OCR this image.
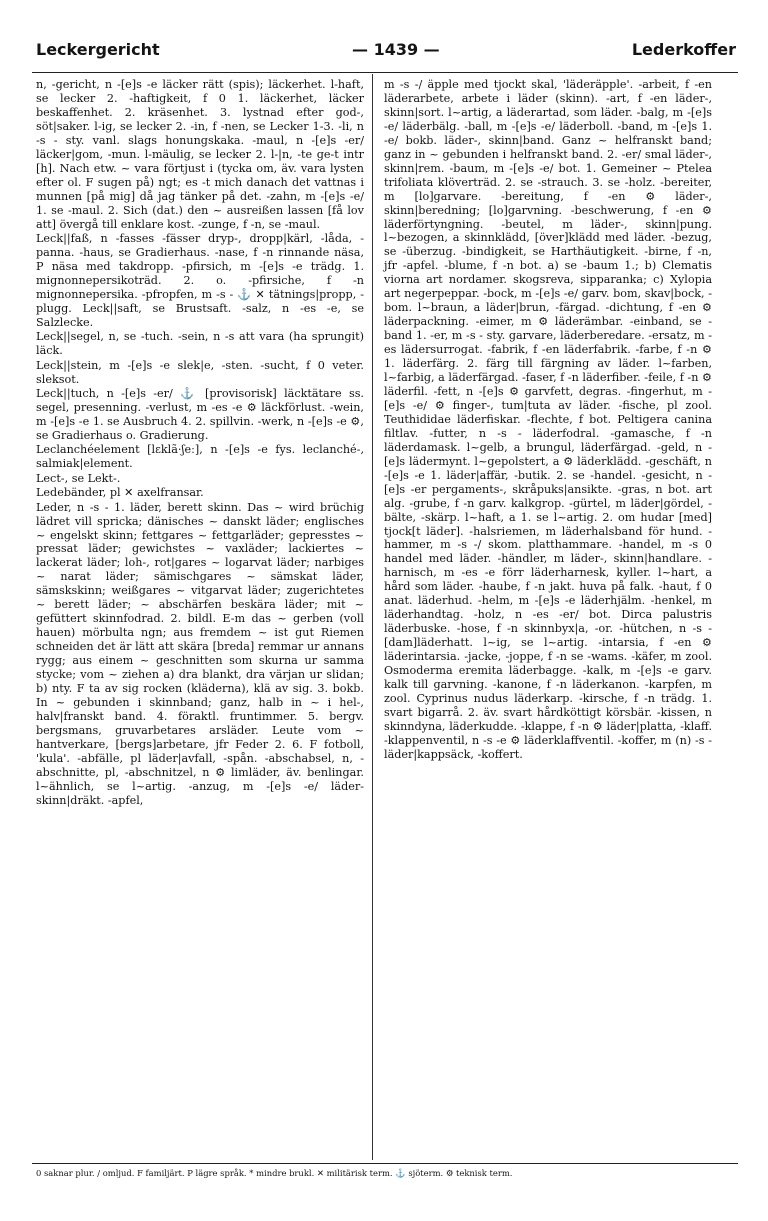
Leckergericht	— 1439 —	Lederkoffer

n, -gericht, n -[e]s -e läcker rätt (spis); läckerhet. l-haft, se lecker 2. -haftigkeit, f 0 1. läckerhet, läcker beskaffenhet. 2. kräsenhet. 3. lystnad efter god-, söt|saker. l-ig, se lecker 2. -in, f -nen, se Lecker 1-3. -li, n -s - sty. vanl. slags honungskaka. -maul, n -[e]s -er/ läcker|gom, -mun. l-mäulig, se lecker 2. l-|n, -te ge-t intr [h]. Nach etw. ~ vara förtjust i (tycka om, äv. vara lysten efter ol. F sugen på) ngt; es -t mich danach det vattnas i munnen [på mig] då jag tänker på det. -zahn, m -[e]s -e/ 1. se -maul. 2. Sich (dat.) den ~ ausreißen lassen [få lov att] övergå till enklare kost. -zunge, f -n, se -maul.

Leck||faß, n -fasses -fässer dryp-, dropp|kärl, -låda, -panna. -haus, se Gradierhaus. -nase, f -n rinnande näsa, P näsa med takdropp. -pfirsich, m -[e]s -e trädg. 1. mignonnepersikoträd. 2. o. -pfirsiche, f -n mignonnepersika. -pfropfen, m -s - ⚓ ✕ tätnings|propp, -plugg. Leck||saft, se Brustsaft. -salz, n -es -e, se Salzlecke.

Leck||segel, n, se -tuch. -sein, n -s att vara (ha sprungit) läck.

Leck||stein, m -[e]s -e slek|e, -sten. -sucht, f 0 veter. sleksot.

Leck||tuch, n -[e]s -er/ ⚓ [provisorisk] läcktätare ss. segel, presenning. -verlust, m -es -e ⚙ läckförlust. -wein, m -[e]s -e 1. se Ausbruch 4. 2. spillvin. -werk, n -[e]s -e ⚙, se Gradierhaus o. Gradierung.

Leclanchéelement [lɛklã·ʃeː], n -[e]s -e fys. leclanché-, salmiak|element.

Lect-, se Lekt-.

Ledebänder, pl ✕ axelfransar.

Leder, n -s - 1. läder, berett skinn. Das ~ wird brüchig lädret vill spricka; dänisches ~ danskt läder; englisches ~ engelskt skinn; fettgares ~ fettgarläder; gepresstes ~ pressat läder; gewichstes ~ vaxläder; lackiertes ~ lackerat läder; loh-, rot|gares ~ logarvat läder; narbiges ~ narat läder; sämischgares ~ sämskat läder, sämskskinn; weißgares ~ vitgarvat läder; zugerichtetes ~ berett läder; ~ abschärfen beskära läder; mit ~ gefüttert skinnfodrad. 2. bildl. E-m das ~ gerben (voll hauen) mörbulta ngn; aus fremdem ~ ist gut Riemen schneiden det är lätt att skära [breda] remmar ur annans rygg; aus einem ~ geschnitten som skurna ur samma stycke; vom ~ ziehen a) dra blankt, dra värjan ur slidan; b) nty. F ta av sig rocken (kläderna), klä av sig. 3. bokb. In ~ gebunden i skinnband; ganz, halb in ~ i hel-, halv|franskt band. 4. föraktl. fruntimmer. 5. bergv. bergsmans, gruvarbetares arsläder. Leute vom ~ hantverkare, [bergs]arbetare, jfr Feder 2. 6. F fotboll, 'kula'. -abfälle, pl läder|avfall, -spån. -abschabsel, n, -abschnitte, pl, -abschnitzel, n ⚙ limläder, äv. benlingar. l~ähnlich, se l~artig. -anzug, m -[e]s -e/ läder- skinn|dräkt. -apfel,

m -s -/ äpple med tjockt skal, 'läderäpple'. -arbeit, f -en läderarbete, arbete i läder (skinn). -art, f -en läder-, skinn|sort. l~artig, a läderartad, som läder. -balg, m -[e]s -e/ läderbälg. -ball, m -[e]s -e/ läderboll. -band, m -[e]s 1. -e/ bokb. läder-, skinn|band. Ganz ~ helfranskt band; ganz in ~ gebunden i helfranskt band. 2. -er/ smal läder-, skinn|rem. -baum, m -[e]s -e/ bot. 1. Gemeiner ~ Ptelea trifoliata klöverträd. 2. se -strauch. 3. se -holz. -bereiter, m [lo]garvare. -bereitung, f -en ⚙ läder-, skinn|beredning; [lo]garvning. -beschwerung, f -en ⚙ läderförtyngning. -beutel, m läder-, skinn|pung. l~bezogen, a skinnklädd, [över]klädd med läder. -bezug, se -überzug. -bindigkeit, se Harthäutigkeit. -birne, f -n, jfr -apfel. -blume, f -n bot. a) se -baum 1.; b) Clematis viorna art nordamer. skogsreva, sipparanka; c) Xylopia art negerpeppar. -bock, m -[e]s -e/ garv. bom, skav|bock, -bom. l~braun, a läder|brun, -färgad. -dichtung, f -en ⚙ läderpackning. -eimer, m ⚙ läderämbar. -einband, se -band 1. -er, m -s - sty. garvare, läderberedare. -ersatz, m -es lädersurrogat. -fabrik, f -en läderfabrik. -farbe, f -n ⚙ 1. läderfärg. 2. färg till färgning av läder. l~farben, l~farbig, a läderfärgad. -faser, f -n läderfiber. -feile, f -n ⚙ läderfil. -fett, n -[e]s ⚙ garvfett, degras. -fingerhut, m -[e]s -e/ ⚙ finger-, tum|tuta av läder. -fische, pl zool. Teuthididae läderfiskar. -flechte, f bot. Peltigera canina filtlav. -futter, n -s - läderfodral. -gamasche, f -n läderdamask. l~gelb, a brungul, läderfärgad. -geld, n -[e]s lädermynt. l~gepolstert, a ⚙ läderklädd. -geschäft, n -[e]s -e 1. läder|affär, -butik. 2. se -handel. -gesicht, n -[e]s -er pergaments-, skråpuks|ansikte. -gras, n bot. art alg. -grube, f -n garv. kalkgrop. -gürtel, m läder|gördel, -bälte, -skärp. l~haft, a 1. se l~artig. 2. om hudar [med] tjock[t läder]. -halsriemen, m läderhalsband för hund. -hammer, m -s -/ skom. platthammare. -handel, m -s 0 handel med läder. -händler, m läder-, skinn|handlare. -harnisch, m -es -e förr läderharnesk, kyller. l~hart, a hård som läder. -haube, f -n jakt. huva på falk. -haut, f 0 anat. läderhud. -helm, m -[e]s -e läderhjälm. -henkel, m läderhandtag. -holz, n -es -er/ bot. Dirca palustris läderbuske. -hose, f -n skinnbyx|a, -or. -hütchen, n -s - [dam]läderhatt. l~ig, se l~artig. -intarsia, f -en ⚙ läderintarsia. -jacke, -joppe, f -n se -wams. -käfer, m zool. Osmoderma eremita läderbagge. -kalk, m -[e]s -e garv. kalk till garvning. -kanone, f -n läderkanon. -karpfen, m zool. Cyprinus nudus läderkarp. -kirsche, f -n trädg. 1. svart bigarrå. 2. äv. svart hårdköttigt körsbär. -kissen, n skinndyna, läderkudde. -klappe, f -n ⚙ läder|platta, -klaff. -klappenventil, n -s -e ⚙ läderklaffventil. -koffer, m (n) -s - läder|kappsäck, -koffert.

0 saknar plur. / omljud. F familjärt. P lägre språk. * mindre brukl. ✕ militärisk term. ⚓ sjöterm. ⚙ teknisk term.
